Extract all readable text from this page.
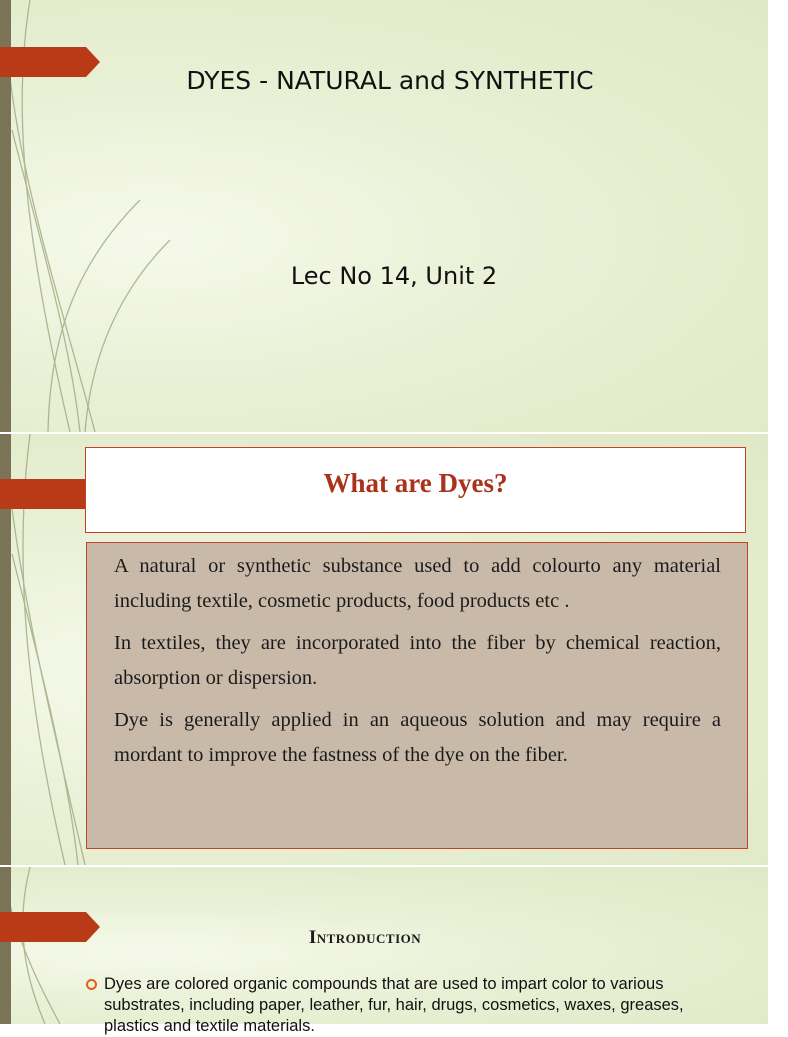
DYES - NATURAL and SYNTHETIC
Lec No 14, Unit 2
What are Dyes?
A natural or synthetic substance used to add colourto any material including textile, cosmetic products, food products etc .
In textiles, they are incorporated into the fiber by chemical reaction, absorption or dispersion.
Dye is generally applied in an aqueous solution and may require a mordant to improve the fastness of the dye on the fiber.
Introduction
Dyes are colored organic compounds that are used to impart color to various substrates, including paper, leather, fur, hair, drugs, cosmetics, waxes, greases, plastics and textile materials.
